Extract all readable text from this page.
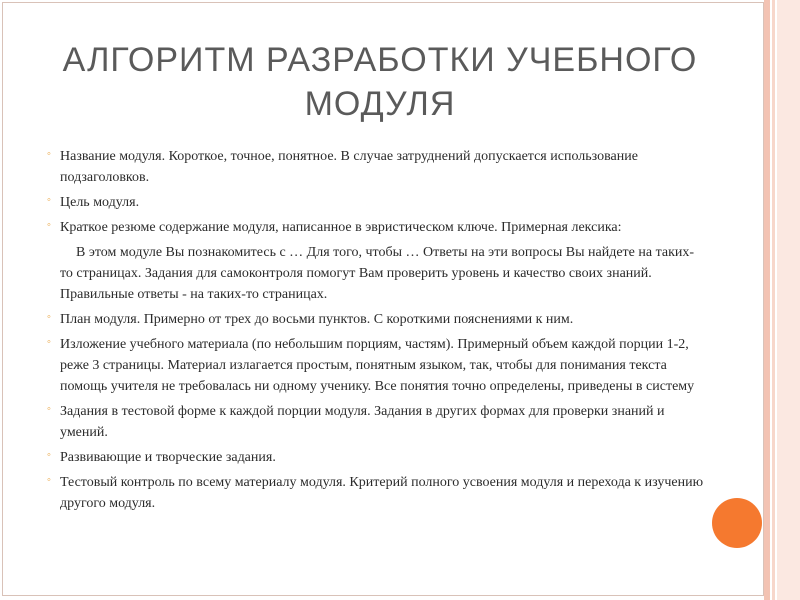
АЛГОРИТМ РАЗРАБОТКИ УЧЕБНОГО МОДУЛЯ
◦ Название модуля. Короткое, точное, понятное. В случае затруднений допускается использование подзаголовков.
◦ Цель модуля.
◦ Краткое резюме содержание модуля, написанное в эвристическом ключе. Примерная лексика:
В этом модуле Вы познакомитесь с … Для того, чтобы … Ответы на эти вопросы Вы найдете на таких-то страницах. Задания для самоконтроля помогут Вам проверить уровень и качество своих знаний. Правильные ответы - на таких-то страницах.
◦ План модуля. Примерно от трех до восьми пунктов. С короткими пояснениями к ним.
◦ Изложение учебного материала (по небольшим порциям, частям). Примерный объем каждой порции 1-2, реже 3 страницы. Материал излагается простым, понятным языком, так, чтобы для понимания текста помощь учителя не требовалась ни одному ученику. Все понятия точно определены, приведены в систему
◦ Задания в тестовой форме к каждой порции модуля. Задания в других формах для проверки знаний и умений.
◦ Развивающие и творческие задания.
◦ Тестовый контроль по всему материалу модуля. Критерий полного усвоения модуля и перехода к изучению другого модуля.
